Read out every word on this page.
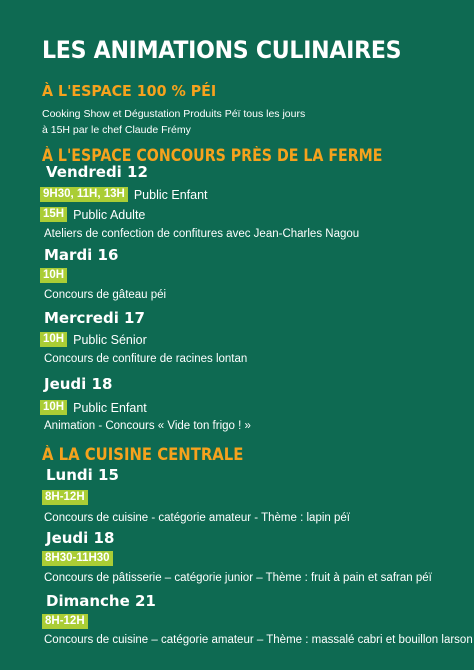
LES ANIMATIONS CULINAIRES
À L'ESPACE 100 % PÉI
Cooking Show et Dégustation Produits Péï tous les jours
à 15H par le chef Claude Frémy
À L'ESPACE CONCOURS PRÈS DE LA FERME
Vendredi 12
9H30, 11H, 13H Public Enfant
15H Public Adulte
Ateliers de confection de confitures avec Jean-Charles Nagou
Mardi 16
10H
Concours de gâteau péi
Mercredi 17
10H Public Sénior
Concours de confiture de racines lontan
Jeudi 18
10H Public Enfant
Animation - Concours « Vide ton frigo ! »
À LA CUISINE CENTRALE
Lundi 15
8H-12H
Concours de cuisine - catégorie amateur - Thème : lapin péï
Jeudi 18
8H30-11H30
Concours de pâtisserie – catégorie junior – Thème : fruit à pain et safran péï
Dimanche 21
8H-12H
Concours de cuisine – catégorie amateur – Thème : massalé cabri et bouillon larson
